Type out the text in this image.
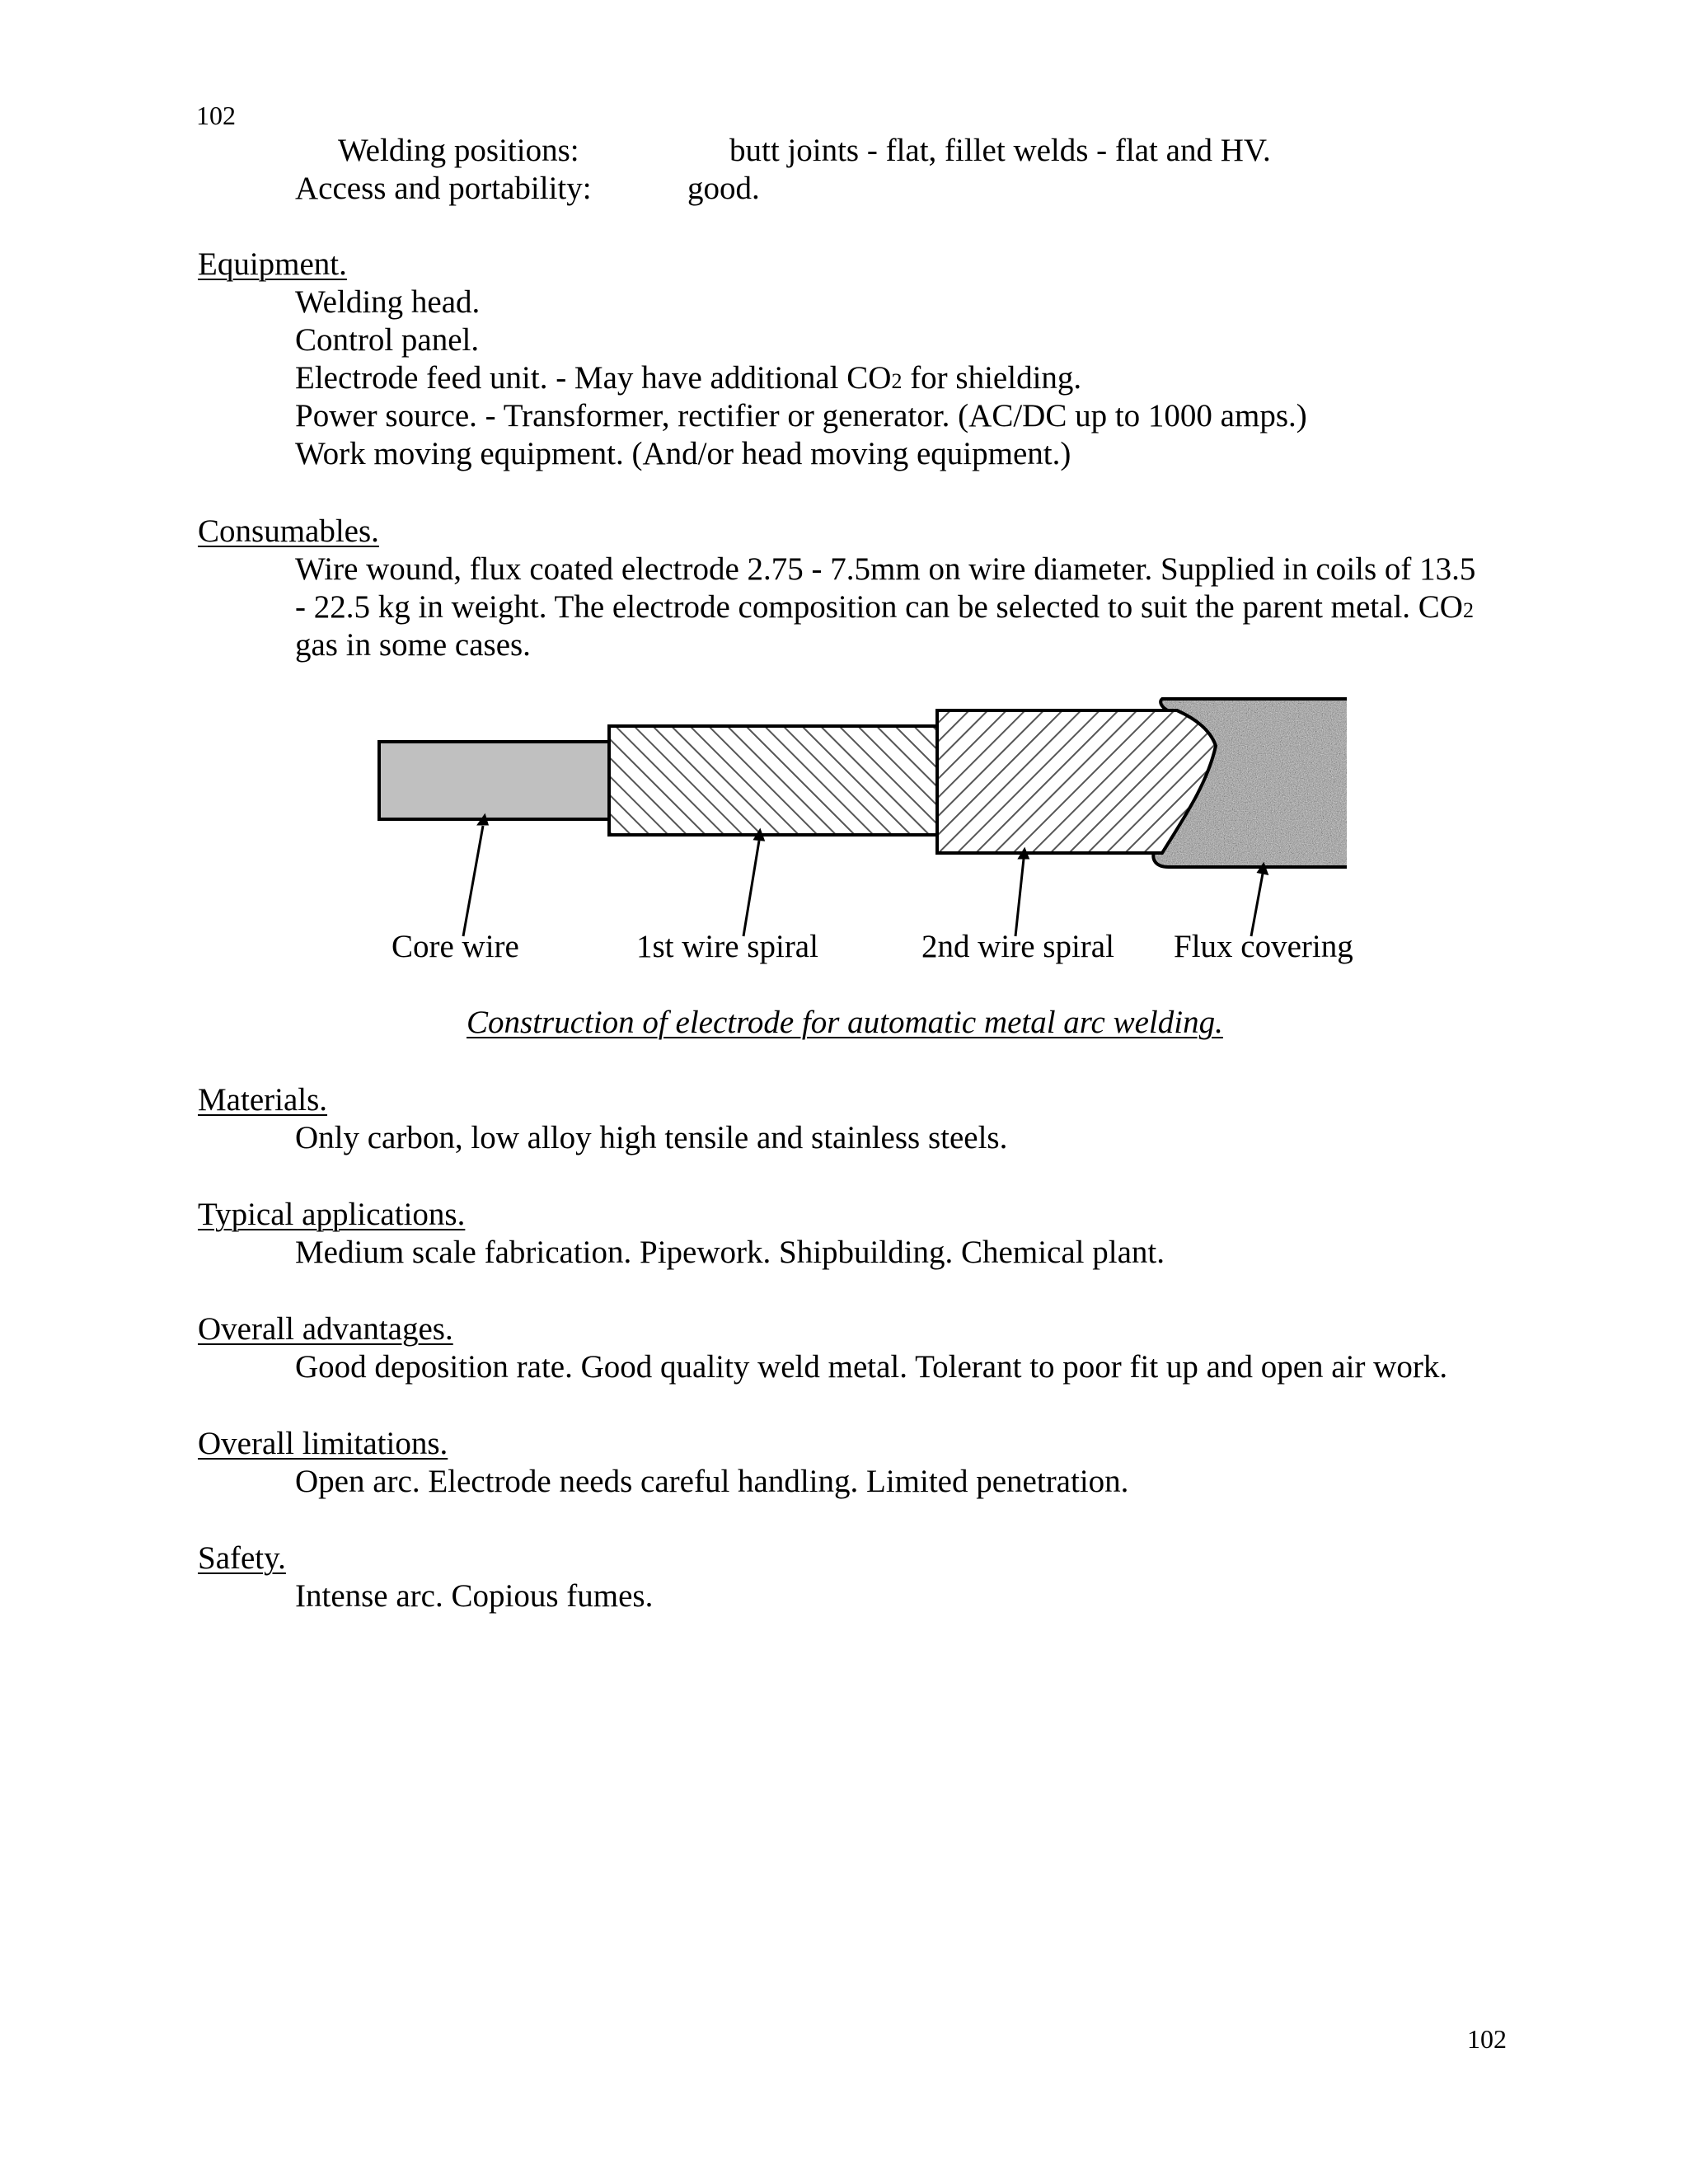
102
Welding positions:	butt joints - flat, fillet welds - flat and HV.
Access and portability:	good.
Equipment.
Welding head.
Control panel.
Electrode feed unit. - May have additional CO2 for shielding.
Power source. - Transformer, rectifier or generator. (AC/DC up to 1000 amps.)
Work moving equipment. (And/or head moving equipment.)
Consumables.
Wire wound, flux coated electrode 2.75 - 7.5mm on wire diameter. Supplied in coils of 13.5
- 22.5 kg in weight. The electrode composition can be selected to suit the parent metal. CO2
gas in some cases.
Core wire	1st wire spiral	2nd wire spiral Flux covering
Construction of electrode for automatic metal arc welding.
Materials.
Only carbon, low alloy high tensile and stainless steels.
Typical applications.
Medium scale fabrication. Pipework. Shipbuilding. Chemical plant.
Overall advantages.
Good deposition rate. Good quality weld metal. Tolerant to poor fit up and open air work.
Overall limitations.
Open arc. Electrode needs careful handling. Limited penetration.
Safety.
Intense arc. Copious fumes.
102
